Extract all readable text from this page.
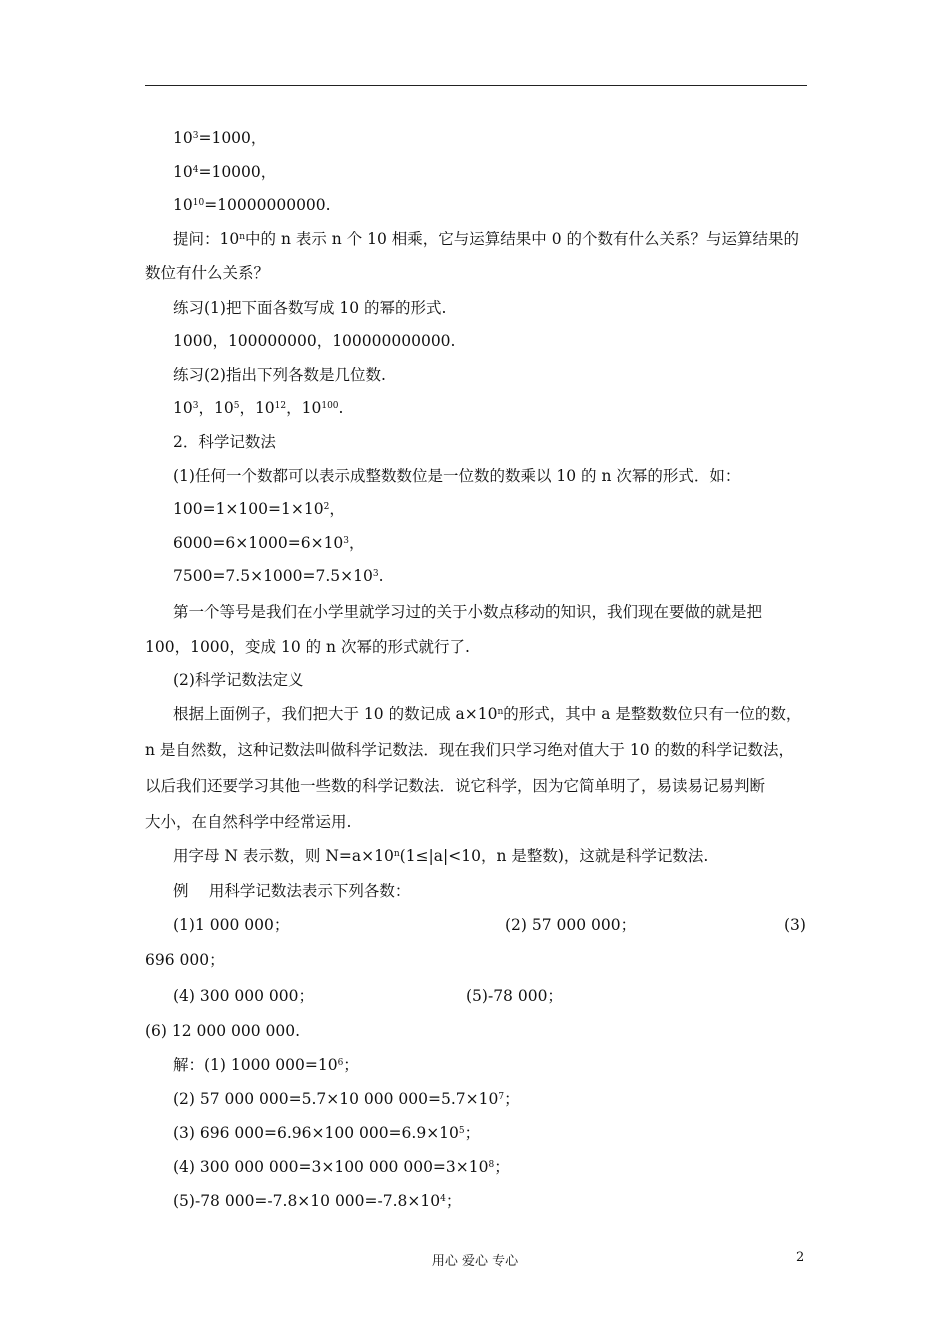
$10^3=1000$，
$10^4=10000$，
$10^{10}=10000000000$.
提问：10$^n$中的 n 表示 n 个 10 相乘，它与运算结果中 0 的个数有什么关系？与运算结果的
数位有什么关系？
练习(1)把下面各数写成 10 的幂的形式.
1000，100000000，100000000000.
练习(2)指出下列各数是几位数.
$10^3$，$10^5$，$10^{12}$，$10^{100}$.
2．科学记数法
(1)任何一个数都可以表示成整数数位是一位数的数乘以 10 的 n 次幂的形式．如：
$100=1\times 100=1\times 10^2$，
$6000=6\times 1000=6\times 10^3$，
$7500=7.5\times 1000=7.5\times 10^3$.
第一个等号是我们在小学里就学习过的关于小数点移动的知识，我们现在要做的就是把
100，1000，变成 10 的 n 次幂的形式就行了.
(2)科学记数法定义
根据上面例子，我们把大于 10 的数记成 $a\times 10^n$的形式，其中 a 是整数数位只有一位的数，
n 是自然数，这种记数法叫做科学记数法．现在我们只学习绝对值大于 10 的数的科学记数法，
以后我们还要学习其他一些数的科学记数法．说它科学，因为它简单明了，易读易记易判断
大小，在自然科学中经常运用.
用字母 N 表示数，则 $N=a\times 10^n(1\le|a|<10$，n 是整数)，这就是科学记数法.
例　 用科学记数法表示下列各数：
(1)1 000 000；	(2) 57 000 000；	(3)
696 000；
(4) 300 000 000；	(5)-78 000；
(6) 12 000 000 000.
解：(1) 1000 $000=10^6$；
(2) 57 000 000=5.7×10 000 $000=5.7\times 10^7$；
(3) 696 000=6.96×100 $000=6.9\times 10^5$；
(4) 300 000 000=3×100 000 $000=3\times 10^8$；
(5)-78 000=-7.8×10 $000=-7.8\times 10^4$；
用心 爱心 专心	2
